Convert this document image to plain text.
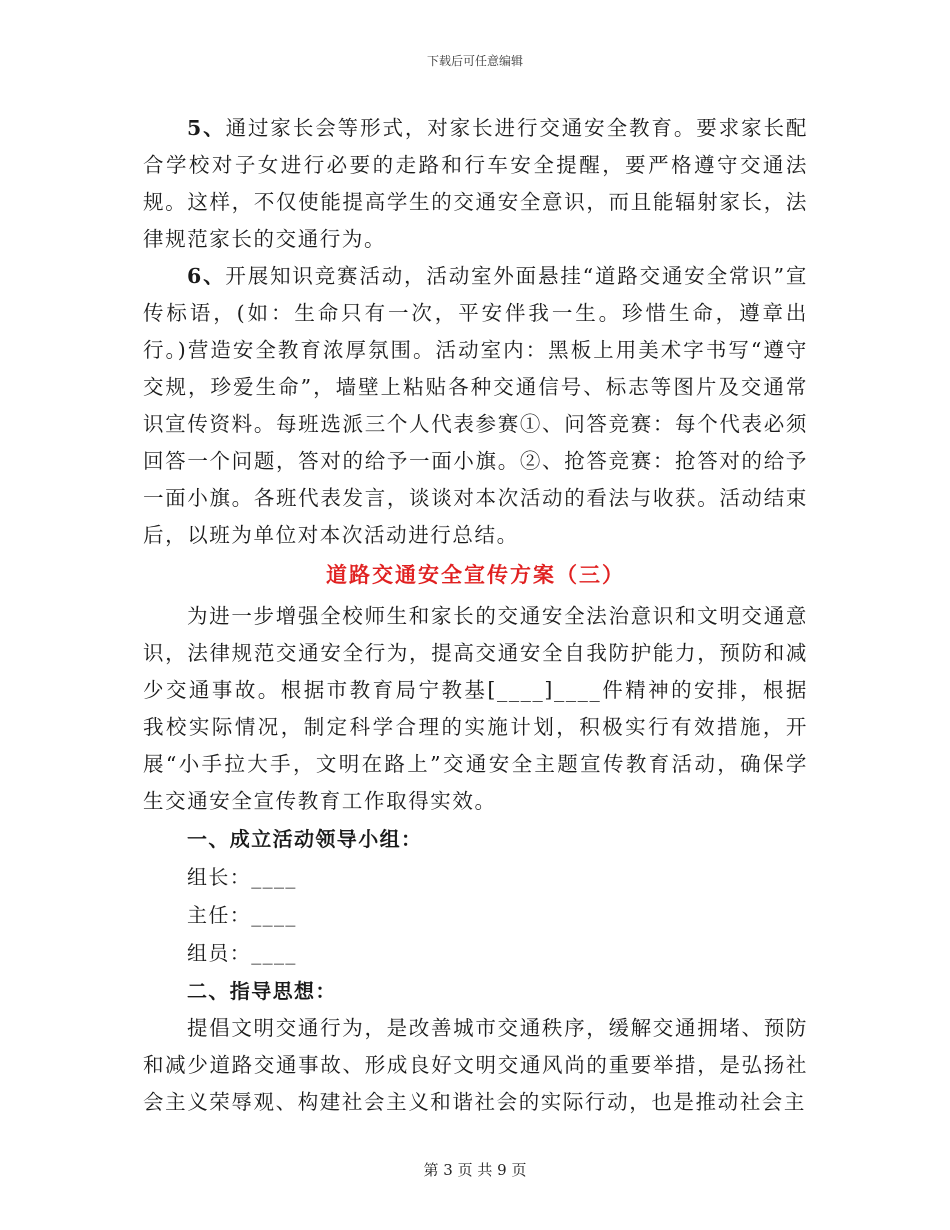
下载后可任意编辑

5、通过家长会等形式，对家长进行交通安全教育。要求家长配合学校对子女进行必要的走路和行车安全提醒，要严格遵守交通法规。这样，不仅使能提高学生的交通安全意识，而且能辐射家长，法律规范家长的交通行为。

6、开展知识竞赛活动，活动室外面悬挂“道路交通安全常识”宣传标语，(如：生命只有一次，平安伴我一生。珍惜生命，遵章出行。)营造安全教育浓厚氛围。活动室内：黑板上用美术字书写“遵守交规，珍爱生命”，墙壁上粘贴各种交通信号、标志等图片及交通常识宣传资料。每班选派三个人代表参赛①、问答竞赛：每个代表必须回答一个问题，答对的给予一面小旗。②、抢答竞赛：抢答对的给予一面小旗。各班代表发言，谈谈对本次活动的看法与收获。活动结束后，以班为单位对本次活动进行总结。

道路交通安全宣传方案（三）

为进一步增强全校师生和家长的交通安全法治意识和文明交通意识，法律规范交通安全行为，提高交通安全自我防护能力，预防和减少交通事故。根据市教育局宁教基[____]____件精神的安排，根据我校实际情况，制定科学合理的实施计划，积极实行有效措施，开展“小手拉大手，文明在路上”交通安全主题宣传教育活动，确保学生交通安全宣传教育工作取得实效。

一、成立活动领导小组：
组长：____
主任：____
组员：____
二、指导思想：

提倡文明交通行为，是改善城市交通秩序，缓解交通拥堵、预防和减少道路交通事故、形成良好文明交通风尚的重要举措，是弘扬社会主义荣辱观、构建社会主义和谐社会的实际行动，也是推动社会主

第 3 页 共 9 页
